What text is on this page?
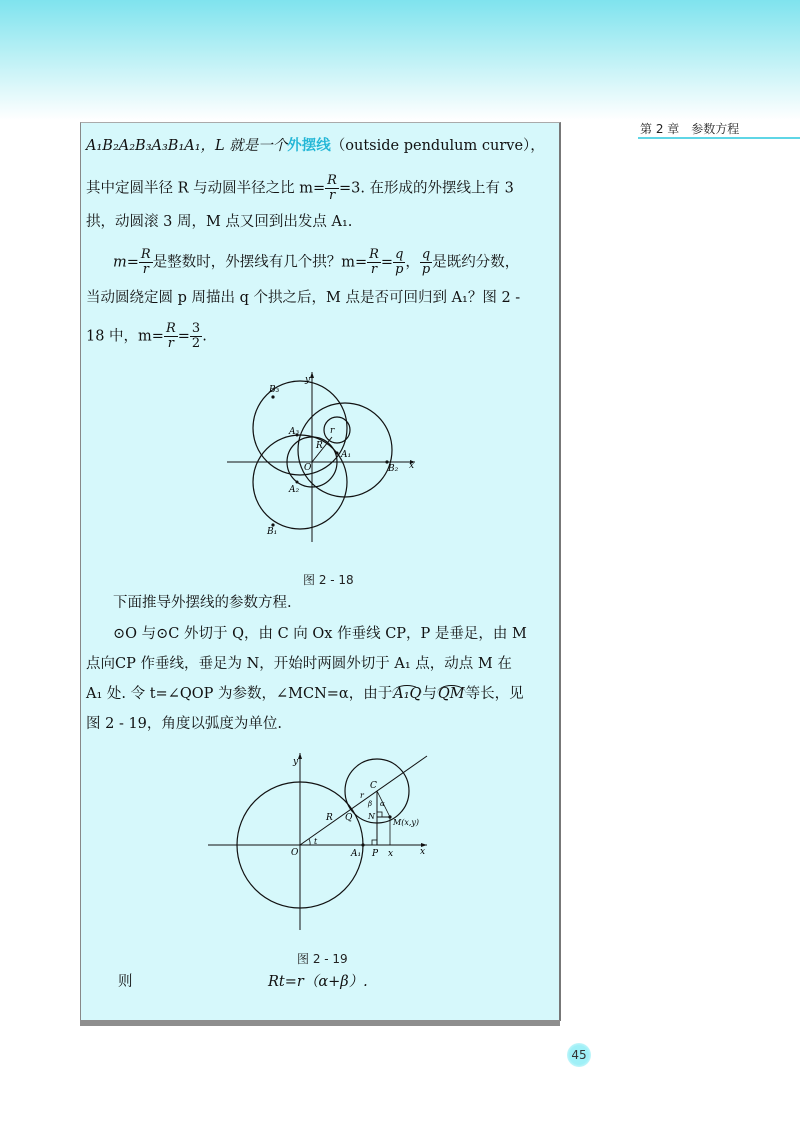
第 2 章　参数方程
A₁B₂A₂B₃A₃B₁A₁，L 就是一个外摆线（outside pendulum curve），
其中定圆半径 R 与动圆半径之比 $m= \frac{R}{r} =3$. 在形成的外摆线上有 3
拱，动圆滚 3 周，M 点又回到出发点 A₁.
$m= \frac{R}{r}$ 是整数时，外摆线有几个拱？$m= \frac{R}{r} = \frac{q}{p}$ ， $\frac{q}{p}$ 是既约分数，
当动圆绕定圆 p 周描出 q 个拱之后，M 点是否可回归到 A₁？图 2 -
18 中，$m= \frac{R}{r} = \frac{3}{2}$ .
y
x
O
R
r
B₃
B₂
B₁
A₃
A₁
A₂
图 2 - 18
下面推导外摆线的参数方程.
⊙O 与⊙C 外切于 Q，由 C 向 Ox 作垂线 CP，P 是垂足，由 M
点向CP 作垂线，垂足为 N，开始时两圆外切于 A₁ 点，动点 M 在
A₁ 处. 令 t=∠QOP 为参数，∠MCN=α，由于A₁Q与QM等长，见
图 2 - 19，角度以弧度为单位.
y
x
O
t
A₁ P x
R Q
r
C
β α
N
M(x,y)
图 2 - 19
则	Rt=r（α+β）.
45
